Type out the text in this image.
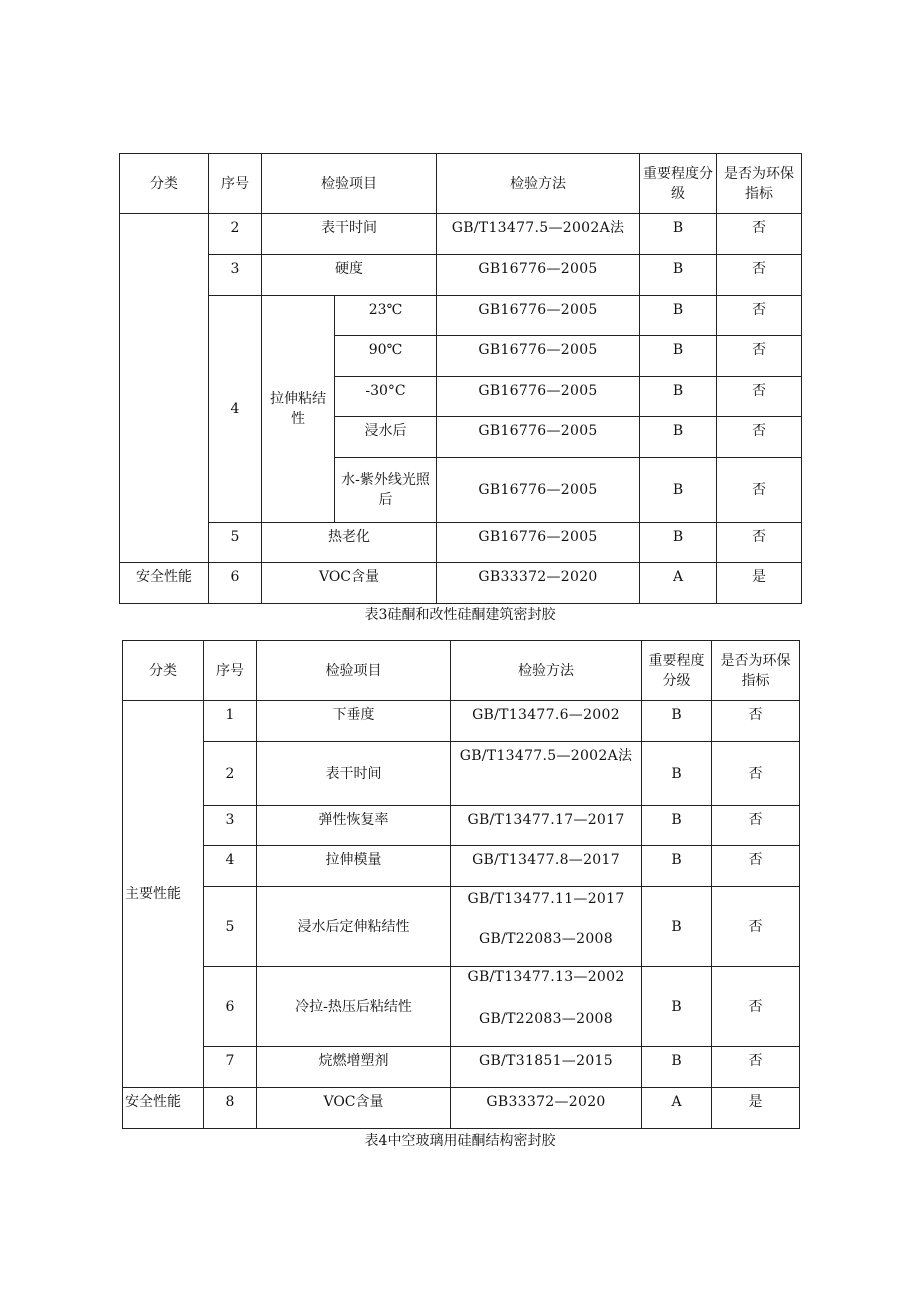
分类	序号	检验项目		检验方法	重要程度分级	是否为环保指标
	2	表干时间		GB/T13477.5—2002A法	B	否
	3	硬度		GB16776—2005	B	否
	4	拉伸粘结性	23℃	GB16776—2005	B	否
			90℃	GB16776—2005	B	否
			-30°C	GB16776—2005	B	否
			浸水后	GB16776—2005	B	否
			水-紫外线光照后	GB16776—2005	B	否
	5	热老化		GB16776—2005	B	否
安全性能	6	VOC含量		GB33372—2020	A	是
表3硅酮和改性硅酮建筑密封胶
分类	序号	检验项目	检验方法	重要程度分级	是否为环保指标
主要性能	1	下垂度	GB/T13477.6—2002	B	否
	2	表干时间	GB/T13477.5—2002A法	B	否
	3	弹性恢复率	GB/T13477.17—2017	B	否
	4	拉伸模量	GB/T13477.8—2017	B	否
	5	浸水后定伸粘结性	GB/T13477.11—2017
GB/T22083—2008	B	否
	6	冷拉-热压后粘结性	GB/T13477.13—2002
GB/T22083—2008	B	否
	7	烷燃增塑剂	GB/T31851—2015	B	否
安全性能	8	VOC含量	GB33372—2020	A	是
表4中空玻璃用硅酮结构密封胶
